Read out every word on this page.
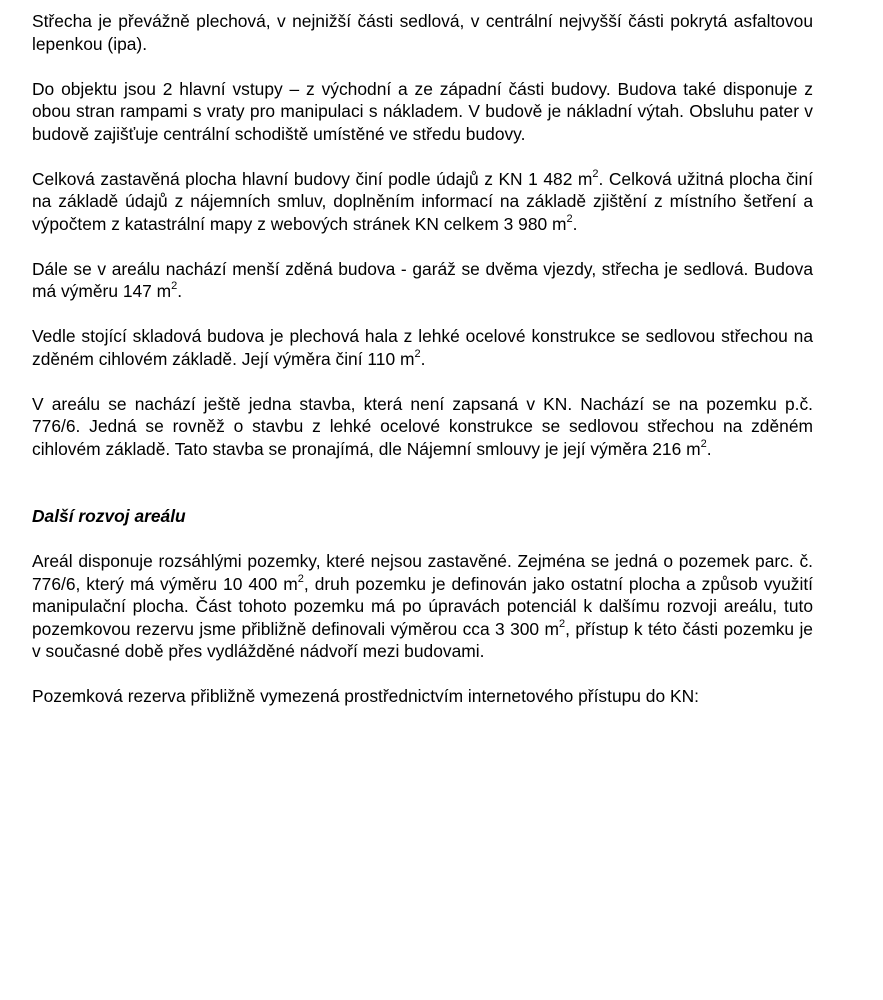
Střecha je převážně plechová, v nejnižší části sedlová, v centrální nejvyšší části pokrytá asfaltovou lepenkou (ipa).

Do objektu jsou 2 hlavní vstupy – z východní a ze západní části budovy. Budova také disponuje z obou stran rampami s vraty pro manipulaci s nákladem. V budově je nákladní výtah. Obsluhu pater v budově zajišťuje centrální schodiště umístěné ve středu budovy.

Celková zastavěná plocha hlavní budovy činí podle údajů z KN 1 482 $m^2$. Celková užitná plocha činí na základě údajů z nájemních smluv, doplněním informací na základě zjištění z místního šetření a výpočtem z katastrální mapy z webových stránek KN celkem 3 980 $m^2$.

Dále se v areálu nachází menší zděná budova - garáž se dvěma vjezdy, střecha je sedlová. Budova má výměru 147 $m^2$.

Vedle stojící skladová budova je plechová hala z lehké ocelové konstrukce se sedlovou střechou na zděném cihlovém základě. Její výměra činí 110 $m^2$.

V areálu se nachází ještě jedna stavba, která není zapsaná v KN. Nachází se na pozemku p.č. 776/6. Jedná se rovněž o stavbu z lehké ocelové konstrukce se sedlovou střechou na zděném cihlovém základě. Tato stavba se pronajímá, dle Nájemní smlouvy je její výměra 216 $m^2$.

Další rozvoj areálu

Areál disponuje rozsáhlými pozemky, které nejsou zastavěné. Zejména se jedná o pozemek parc. č. 776/6, který má výměru 10 400 $m^2$, druh pozemku je definován jako ostatní plocha a způsob využití manipulační plocha. Část tohoto pozemku má po úpravách potenciál k dalšímu rozvoji areálu, tuto pozemkovou rezervu jsme přibližně definovali výměrou cca 3 300 $m^2$, přístup k této části pozemku je v současné době přes vydlážděné nádvoří mezi budovami.

Pozemková rezerva přibližně vymezená prostřednictvím internetového přístupu do KN:
